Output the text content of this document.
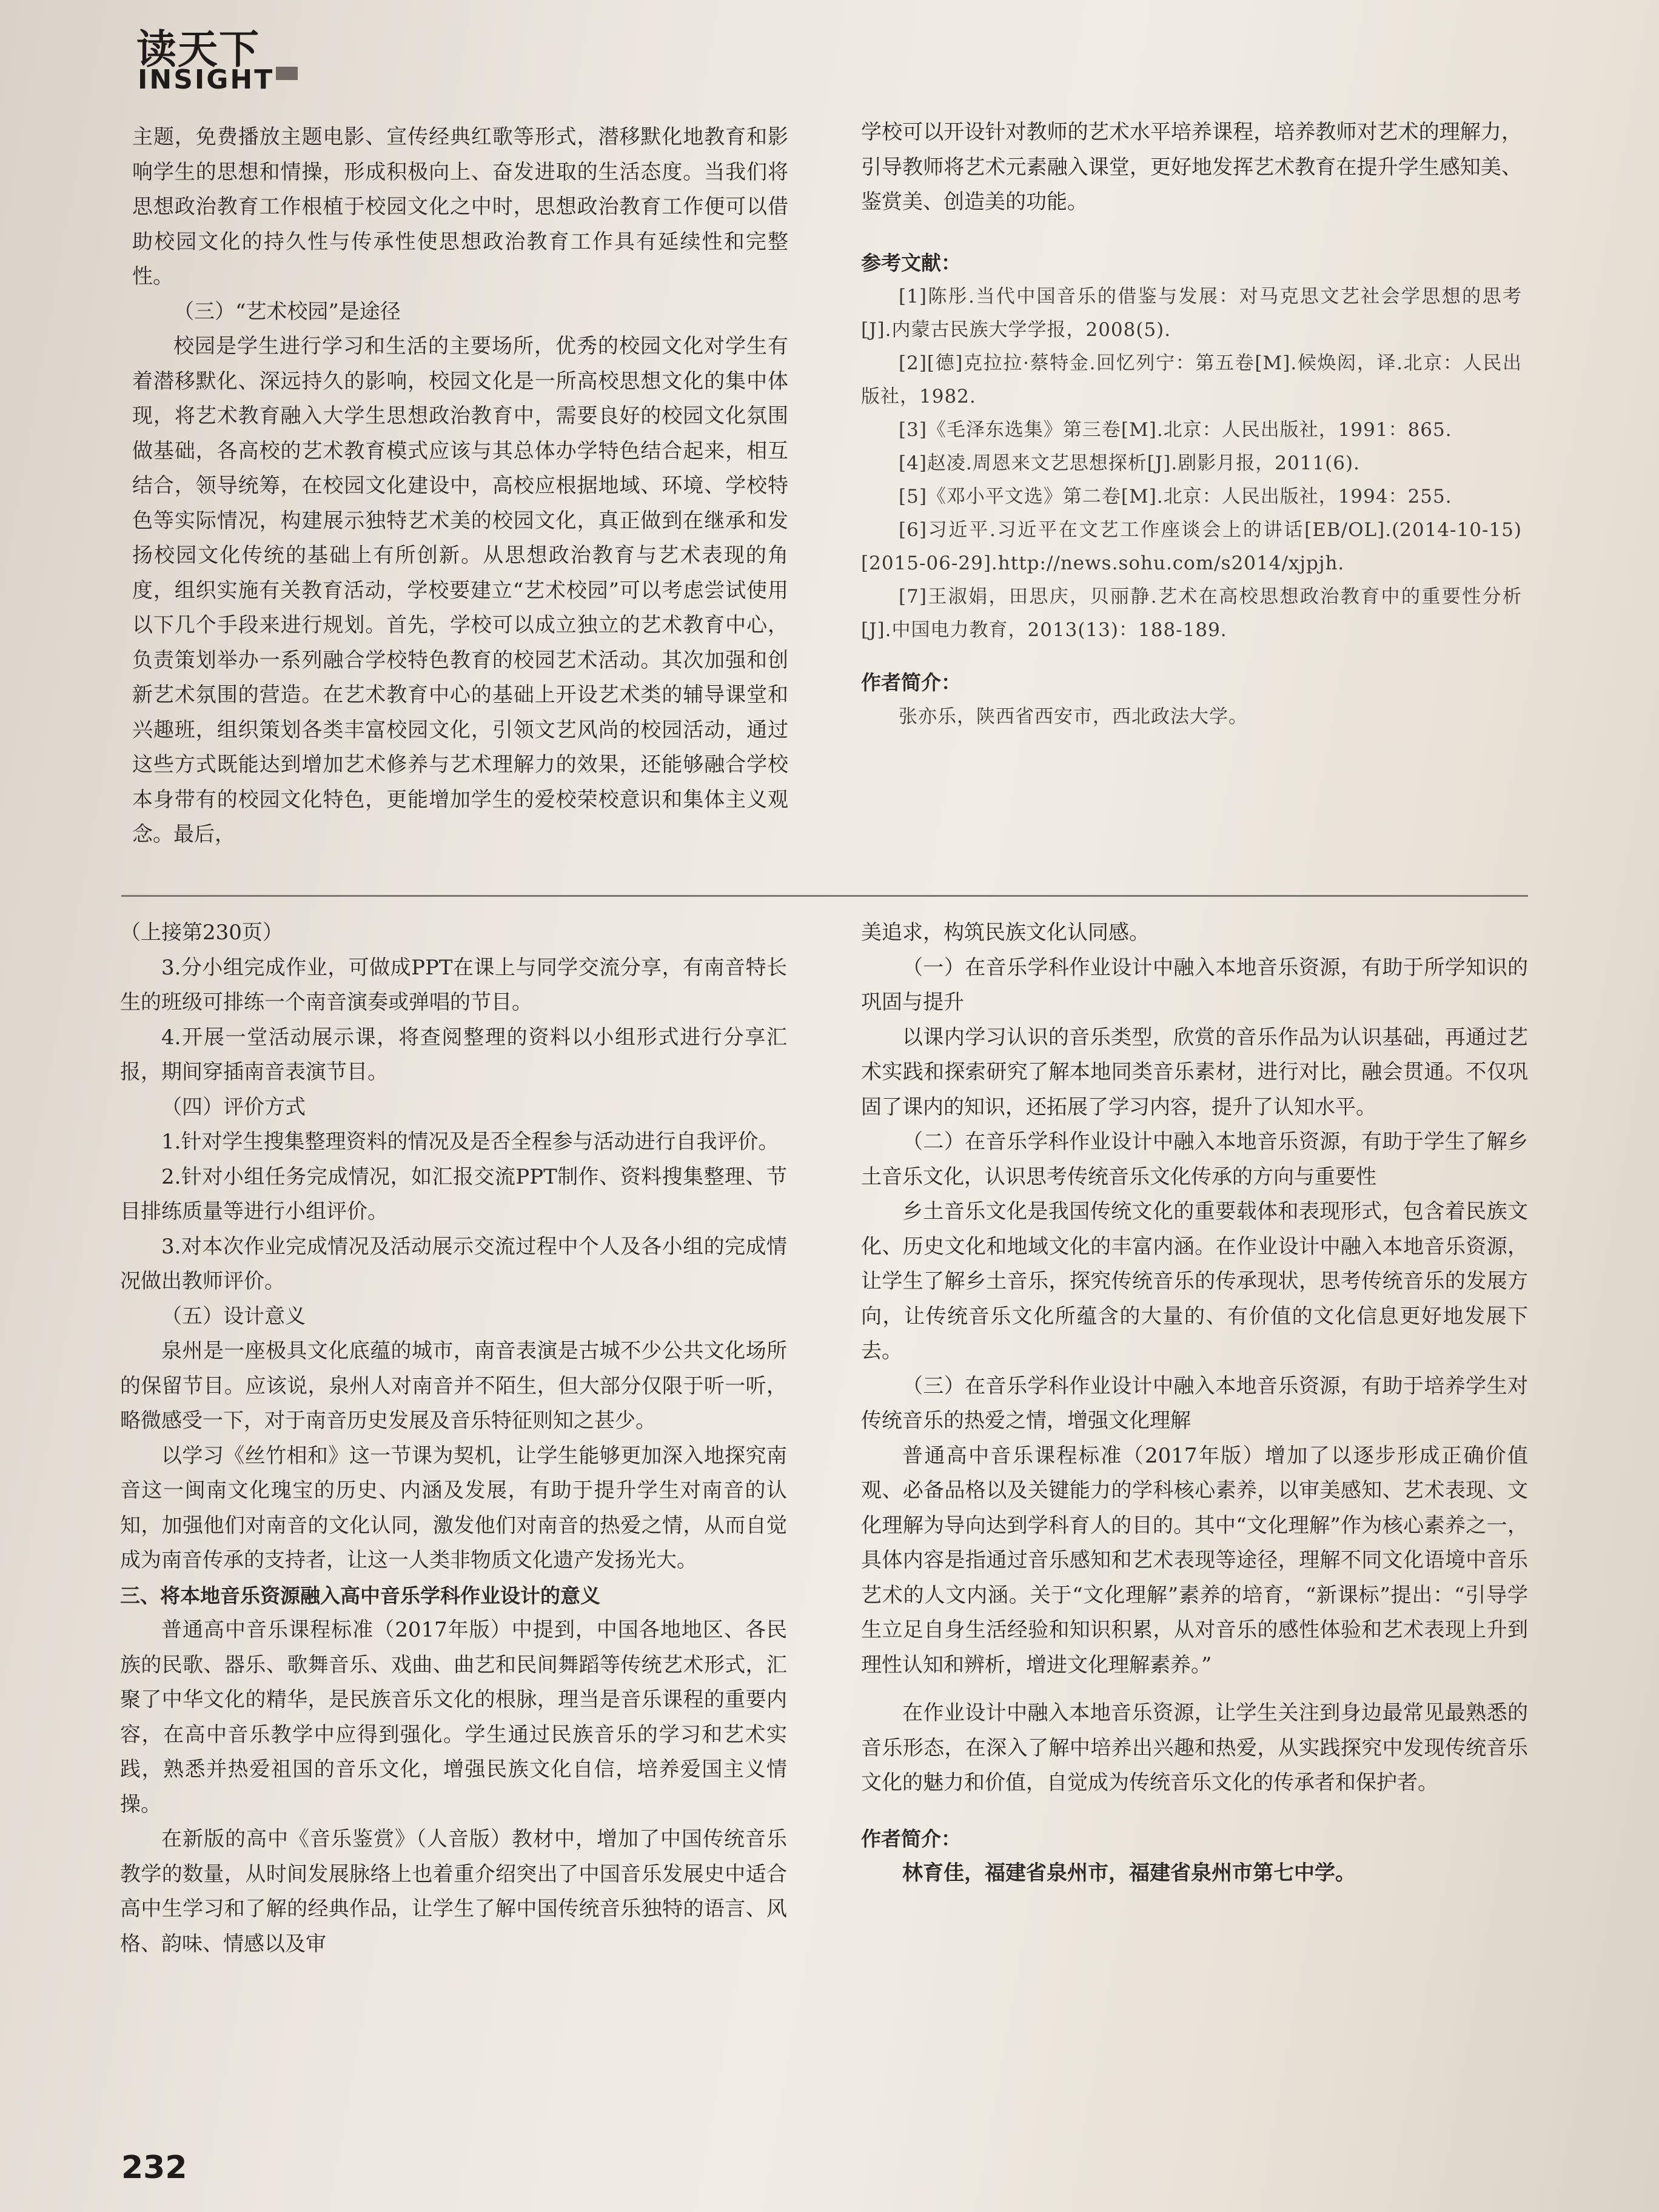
读天下
INSIGHT

主题，免费播放主题电影、宣传经典红歌等形式，潜移默化地教育和影响学生的思想和情操，形成积极向上、奋发进取的生活态度。当我们将思想政治教育工作根植于校园文化之中时，思想政治教育工作便可以借助校园文化的持久性与传承性使思想政治教育工作具有延续性和完整性。

（三）“艺术校园”是途径

校园是学生进行学习和生活的主要场所，优秀的校园文化对学生有着潜移默化、深远持久的影响，校园文化是一所高校思想文化的集中体现，将艺术教育融入大学生思想政治教育中，需要良好的校园文化氛围做基础，各高校的艺术教育模式应该与其总体办学特色结合起来，相互结合，领导统筹，在校园文化建设中，高校应根据地域、环境、学校特色等实际情况，构建展示独特艺术美的校园文化，真正做到在继承和发扬校园文化传统的基础上有所创新。从思想政治教育与艺术表现的角度，组织实施有关教育活动，学校要建立“艺术校园”可以考虑尝试使用以下几个手段来进行规划。首先，学校可以成立独立的艺术教育中心，负责策划举办一系列融合学校特色教育的校园艺术活动。其次加强和创新艺术氛围的营造。在艺术教育中心的基础上开设艺术类的辅导课堂和兴趣班，组织策划各类丰富校园文化，引领文艺风尚的校园活动，通过这些方式既能达到增加艺术修养与艺术理解力的效果，还能够融合学校本身带有的校园文化特色，更能增加学生的爱校荣校意识和集体主义观念。最后，

学校可以开设针对教师的艺术水平培养课程，培养教师对艺术的理解力，引导教师将艺术元素融入课堂，更好地发挥艺术教育在提升学生感知美、鉴赏美、创造美的功能。

参考文献：

[1]陈彤.当代中国音乐的借鉴与发展：对马克思文艺社会学思想的思考[J].内蒙古民族大学学报，2008(5).

[2][德]克拉拉·蔡特金.回忆列宁：第五卷[M].候焕闳，译.北京：人民出版社，1982.

[3]《毛泽东选集》第三卷[M].北京：人民出版社，1991：865.

[4]赵凌.周恩来文艺思想探析[J].剧影月报，2011(6).

[5]《邓小平文选》第二卷[M].北京：人民出版社，1994：255.

[6]习近平.习近平在文艺工作座谈会上的讲话[EB/OL].(2014-10-15)[2015-06-29].http://news.sohu.com/s2014/xjpjh.

[7]王淑娟，田思庆，贝丽静.艺术在高校思想政治教育中的重要性分析[J].中国电力教育，2013(13)：188-189.

作者简介：

张亦乐，陕西省西安市，西北政法大学。

（上接第230页）

3.分小组完成作业，可做成PPT在课上与同学交流分享，有南音特长生的班级可排练一个南音演奏或弹唱的节目。

4.开展一堂活动展示课，将查阅整理的资料以小组形式进行分享汇报，期间穿插南音表演节目。

（四）评价方式

1.针对学生搜集整理资料的情况及是否全程参与活动进行自我评价。

2.针对小组任务完成情况，如汇报交流PPT制作、资料搜集整理、节目排练质量等进行小组评价。

3.对本次作业完成情况及活动展示交流过程中个人及各小组的完成情况做出教师评价。

（五）设计意义

泉州是一座极具文化底蕴的城市，南音表演是古城不少公共文化场所的保留节目。应该说，泉州人对南音并不陌生，但大部分仅限于听一听，略微感受一下，对于南音历史发展及音乐特征则知之甚少。

以学习《丝竹相和》这一节课为契机，让学生能够更加深入地探究南音这一闽南文化瑰宝的历史、内涵及发展，有助于提升学生对南音的认知，加强他们对南音的文化认同，激发他们对南音的热爱之情，从而自觉成为南音传承的支持者，让这一人类非物质文化遗产发扬光大。

三、将本地音乐资源融入高中音乐学科作业设计的意义

普通高中音乐课程标准（2017年版）中提到，中国各地地区、各民族的民歌、器乐、歌舞音乐、戏曲、曲艺和民间舞蹈等传统艺术形式，汇聚了中华文化的精华，是民族音乐文化的根脉，理当是音乐课程的重要内容，在高中音乐教学中应得到强化。学生通过民族音乐的学习和艺术实践，熟悉并热爱祖国的音乐文化，增强民族文化自信，培养爱国主义情操。

在新版的高中《音乐鉴赏》（人音版）教材中，增加了中国传统音乐教学的数量，从时间发展脉络上也着重介绍突出了中国音乐发展史中适合高中生学习和了解的经典作品，让学生了解中国传统音乐独特的语言、风格、韵味、情感以及审

美追求，构筑民族文化认同感。

（一）在音乐学科作业设计中融入本地音乐资源，有助于所学知识的巩固与提升

以课内学习认识的音乐类型，欣赏的音乐作品为认识基础，再通过艺术实践和探索研究了解本地同类音乐素材，进行对比，融会贯通。不仅巩固了课内的知识，还拓展了学习内容，提升了认知水平。

（二）在音乐学科作业设计中融入本地音乐资源，有助于学生了解乡土音乐文化，认识思考传统音乐文化传承的方向与重要性

乡土音乐文化是我国传统文化的重要载体和表现形式，包含着民族文化、历史文化和地域文化的丰富内涵。在作业设计中融入本地音乐资源，让学生了解乡土音乐，探究传统音乐的传承现状，思考传统音乐的发展方向，让传统音乐文化所蕴含的大量的、有价值的文化信息更好地发展下去。

（三）在音乐学科作业设计中融入本地音乐资源，有助于培养学生对传统音乐的热爱之情，增强文化理解

普通高中音乐课程标准（2017年版）增加了以逐步形成正确价值观、必备品格以及关键能力的学科核心素养，以审美感知、艺术表现、文化理解为导向达到学科育人的目的。其中“文化理解”作为核心素养之一，具体内容是指通过音乐感知和艺术表现等途径，理解不同文化语境中音乐艺术的人文内涵。关于“文化理解”素养的培育，“新课标”提出：“引导学生立足自身生活经验和知识积累，从对音乐的感性体验和艺术表现上升到理性认知和辨析，增进文化理解素养。”

在作业设计中融入本地音乐资源，让学生关注到身边最常见最熟悉的音乐形态，在深入了解中培养出兴趣和热爱，从实践探究中发现传统音乐文化的魅力和价值，自觉成为传统音乐文化的传承者和保护者。

作者简介：

林育佳，福建省泉州市，福建省泉州市第七中学。

232
